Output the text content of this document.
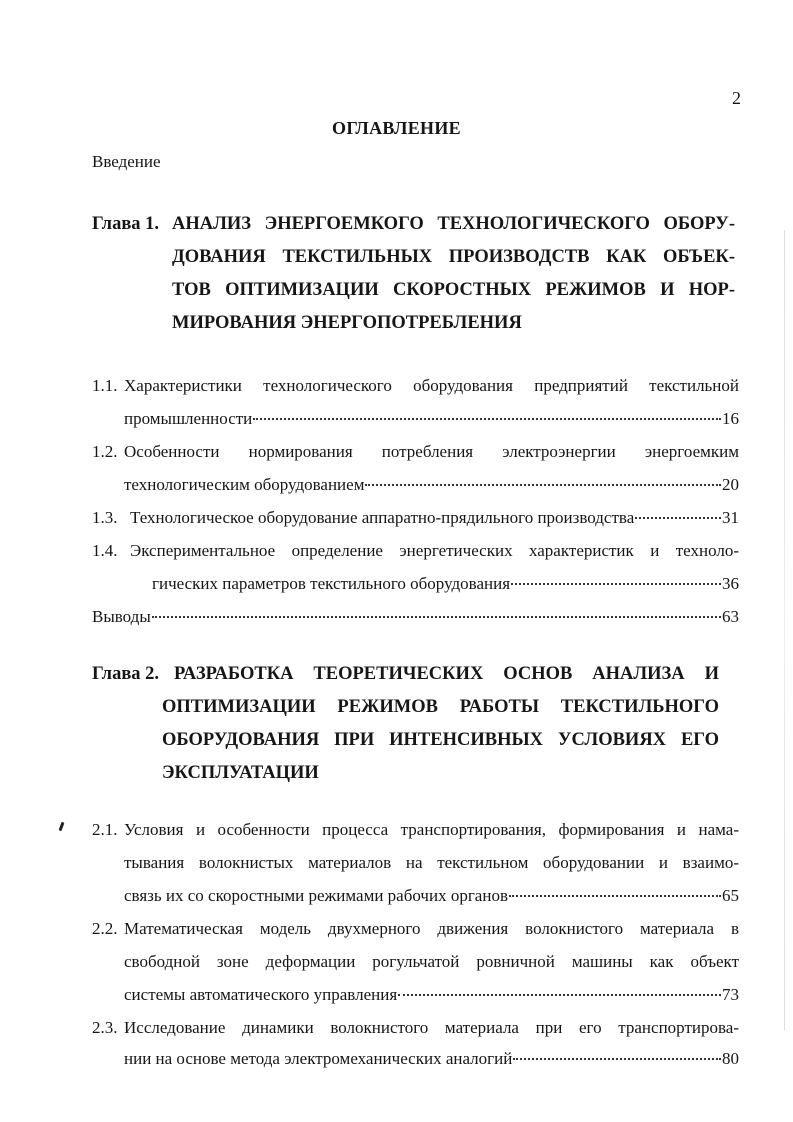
2
ОГЛАВЛЕНИЕ
Введение
Глава 1. АНАЛИЗ ЭНЕРГОЕМКОГО ТЕХНОЛОГИЧЕСКОГО ОБОРУ-
ДОВАНИЯ ТЕКСТИЛЬНЫХ ПРОИЗВОДСТВ КАК ОБЪЕК-
ТОВ ОПТИМИЗАЦИИ СКОРОСТНЫХ РЕЖИМОВ И НОР-
МИРОВАНИЯ ЭНЕРГОПОТРЕБЛЕНИЯ
1.1. Характеристики технологического оборудования предприятий текстильной
промышленности	16
1.2. Особенности нормирования потребления электроэнергии энергоемким
технологическим оборудованием	20
1.3. Технологическое оборудование аппаратно-прядильного производства	31
1.4. Экспериментальное определение энергетических характеристик и техноло-
гических параметров текстильного оборудования	36
Выводы	63
Глава 2. РАЗРАБОТКА ТЕОРЕТИЧЕСКИХ ОСНОВ АНАЛИЗА И
ОПТИМИЗАЦИИ РЕЖИМОВ РАБОТЫ ТЕКСТИЛЬНОГО
ОБОРУДОВАНИЯ ПРИ ИНТЕНСИВНЫХ УСЛОВИЯХ ЕГО
ЭКСПЛУАТАЦИИ
2.1. Условия и особенности процесса транспортирования, формирования и нама-
тывания волокнистых материалов на текстильном оборудовании и взаимо-
связь их со скоростными режимами рабочих органов	65
2.2. Математическая модель двухмерного движения волокнистого материала в
свободной зоне деформации рогульчатой ровничной машины как объект
системы автоматического управления	73
2.3. Исследование динамики волокнистого материала при его транспортирова-
нии на основе метода электромеханических аналогий	80
